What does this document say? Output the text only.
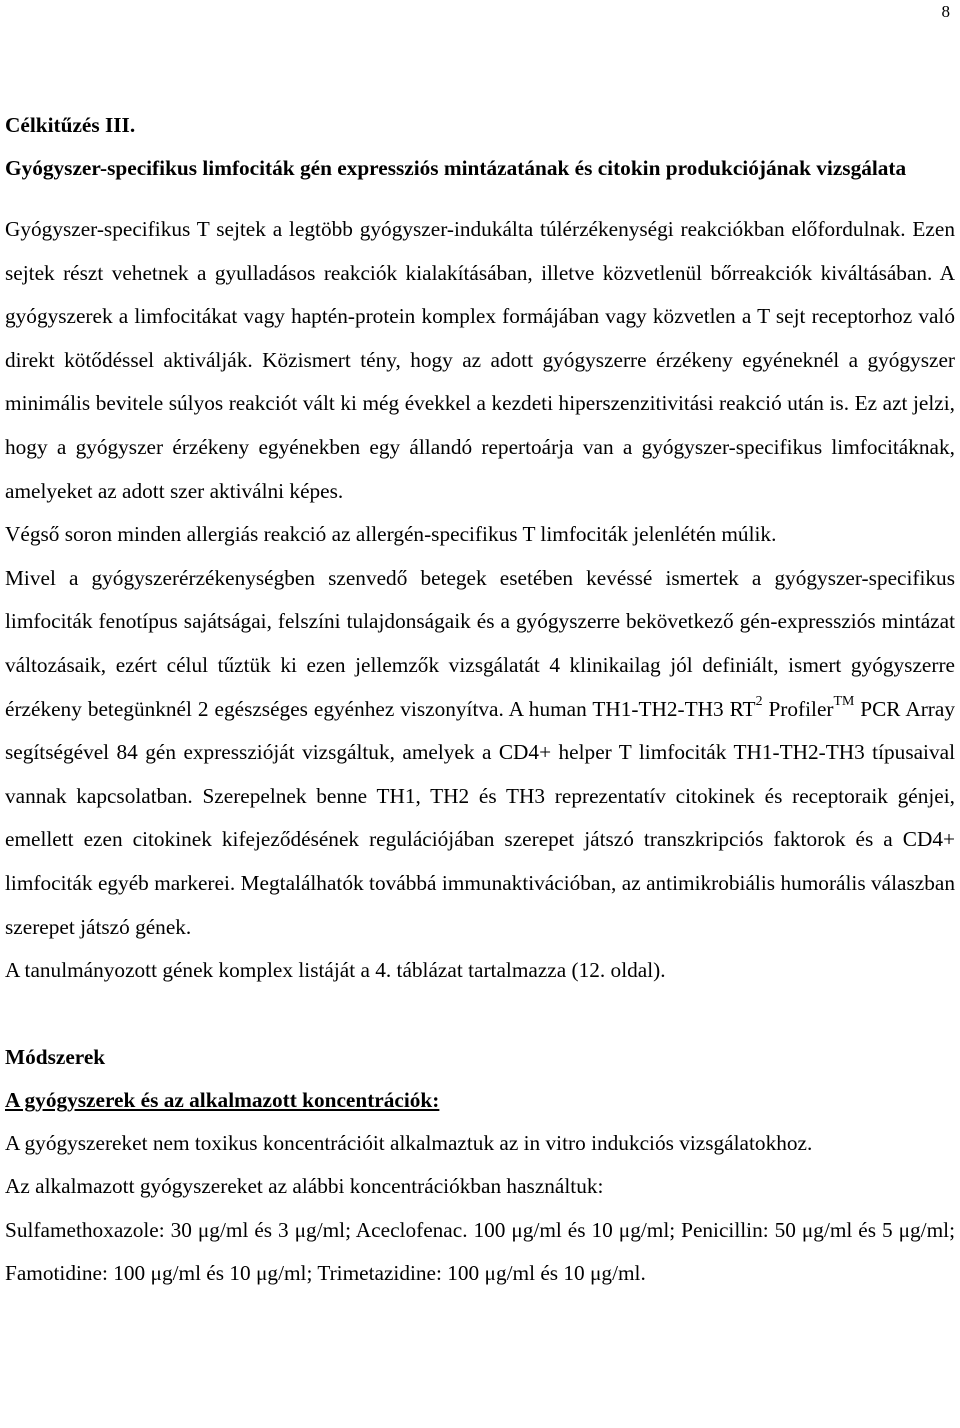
8

Célkitűzés III.

Gyógyszer-specifikus limfociták gén expressziós mintázatának és citokin produkciójának vizsgálata

Gyógyszer-specifikus T sejtek a legtöbb gyógyszer-indukálta túlérzékenységi reakciókban előfordulnak. Ezen sejtek részt vehetnek a gyulladásos reakciók kialakításában, illetve közvetlenül bőrreakciók kiváltásában. A gyógyszerek a limfocitákat vagy haptén-protein komplex formájában vagy közvetlen a T sejt receptorhoz való direkt kötődéssel aktiválják. Közismert tény, hogy az adott gyógyszerre érzékeny egyéneknél a gyógyszer minimális bevitele súlyos reakciót vált ki még évekkel a kezdeti hiperszenzitivitási reakció után is. Ez azt jelzi, hogy a gyógyszer érzékeny egyénekben egy állandó repertoárja van a gyógyszer-specifikus limfocitáknak, amelyeket az adott szer aktiválni képes.

Végső soron minden allergiás reakció az allergén-specifikus T limfociták jelenlétén múlik.

Mivel a gyógyszerérzékenységben szenvedő betegek esetében kevéssé ismertek a gyógyszer-specifikus limfociták fenotípus sajátságai, felszíni tulajdonságaik és a gyógyszerre bekövetkező gén-expressziós mintázat változásaik, ezért célul tűztük ki ezen jellemzők vizsgálatát 4 klinikailag jól definiált, ismert gyógyszerre érzékeny betegünknél 2 egészséges egyénhez viszonyítva. A human TH1-TH2-TH3 $RT^2$ Profiler™ PCR Array segítségével 84 gén expresszióját vizsgáltuk, amelyek a CD4+ helper T limfociták TH1-TH2-TH3 típusaival vannak kapcsolatban. Szerepelnek benne TH1, TH2 és TH3 reprezentatív citokinek és receptoraik génjei, emellett ezen citokinek kifejeződésének regulációjában szerepet játszó transzkripciós faktorok és a CD4+ limfociták egyéb markerei. Megtalálhatók továbbá immunaktivációban, az antimikrobiális humorális válaszban szerepet játszó gének.

A tanulmányozott gének komplex listáját a 4. táblázat tartalmazza (12. oldal).

Módszerek

A gyógyszerek és az alkalmazott koncentrációk:

A gyógyszereket nem toxikus koncentrációit alkalmaztuk az in vitro indukciós vizsgálatokhoz.

Az alkalmazott gyógyszereket az alábbi koncentrációkban használtuk:

Sulfamethoxazole: 30 μg/ml és 3 μg/ml; Aceclofenac. 100 μg/ml és 10 μg/ml; Penicillin: 50 μg/ml és 5 μg/ml; Famotidine: 100 μg/ml és 10 μg/ml; Trimetazidine: 100 μg/ml és 10 μg/ml.
